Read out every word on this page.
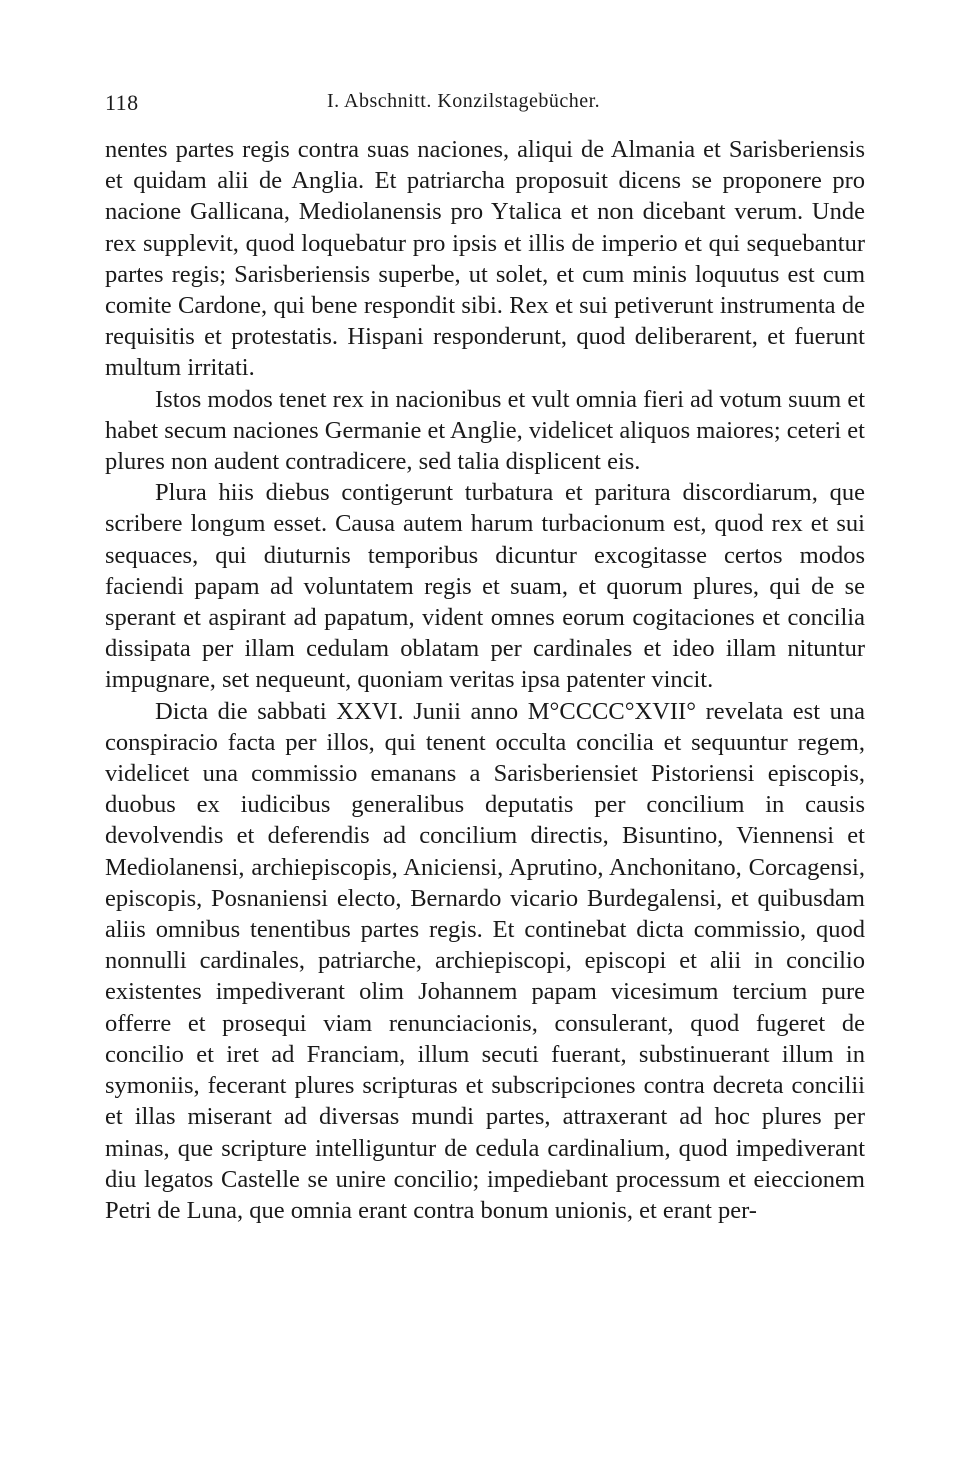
118	I. Abschnitt. Konzilstagebücher.

nentes partes regis contra suas naciones, aliqui de Almania et Sarisberiensis et quidam alii de Anglia. Et patriarcha proposuit dicens se proponere pro nacione Gallicana, Mediolanensis pro Ytalica et non dicebant verum. Unde rex supplevit, quod loquebatur pro ipsis et illis de imperio et qui sequebantur partes regis; Sarisberiensis superbe, ut solet, et cum minis loquutus est cum comite Cardone, qui bene respondit sibi. Rex et sui petiverunt instrumenta de requisitis et protestatis. Hispani responderunt, quod deliberarent, et fuerunt multum irritati.

Istos modos tenet rex in nacionibus et vult omnia fieri ad votum suum et habet secum naciones Germanie et Anglie, videlicet aliquos maiores; ceteri et plures non audent contradicere, sed talia displicent eis.

Plura hiis diebus contigerunt turbatura et paritura discordiarum, que scribere longum esset. Causa autem harum turbacionum est, quod rex et sui sequaces, qui diuturnis temporibus dicuntur excogitasse certos modos faciendi papam ad voluntatem regis et suam, et quorum plures, qui de se sperant et aspirant ad papatum, vident omnes eorum cogitaciones et concilia dissipata per illam cedulam oblatam per cardinales et ideo illam nituntur impugnare, set nequeunt, quoniam veritas ipsa patenter vincit.

Dicta die sabbati XXVI. Junii anno M°CCCC°XVII° revelata est una conspiracio facta per illos, qui tenent occulta concilia et sequuntur regem, videlicet una commissio emanans a Sarisberiensiet Pistoriensi episcopis, duobus ex iudicibus generalibus deputatis per concilium in causis devolvendis et deferendis ad concilium directis, Bisuntino, Viennensi et Mediolanensi, archiepiscopis, Aniciensi, Aprutino, Anchonitano, Corcagensi, episcopis, Posnaniensi electo, Bernardo vicario Burdegalensi, et quibusdam aliis omnibus tenentibus partes regis. Et continebat dicta commissio, quod nonnulli cardinales, patriarche, archiepiscopi, episcopi et alii in concilio existentes impediverant olim Johannem papam vicesimum tercium pure offerre et prosequi viam renunciacionis, consulerant, quod fugeret de concilio et iret ad Franciam, illum secuti fuerant, substinuerant illum in symoniis, fecerant plures scripturas et subscripciones contra decreta concilii et illas miserant ad diversas mundi partes, attraxerant ad hoc plures per minas, que scripture intelliguntur de cedula cardinalium, quod impediverant diu legatos Castelle se unire concilio; impediebant processum et eieccionem Petri de Luna, que omnia erant contra bonum unionis, et erant per-
